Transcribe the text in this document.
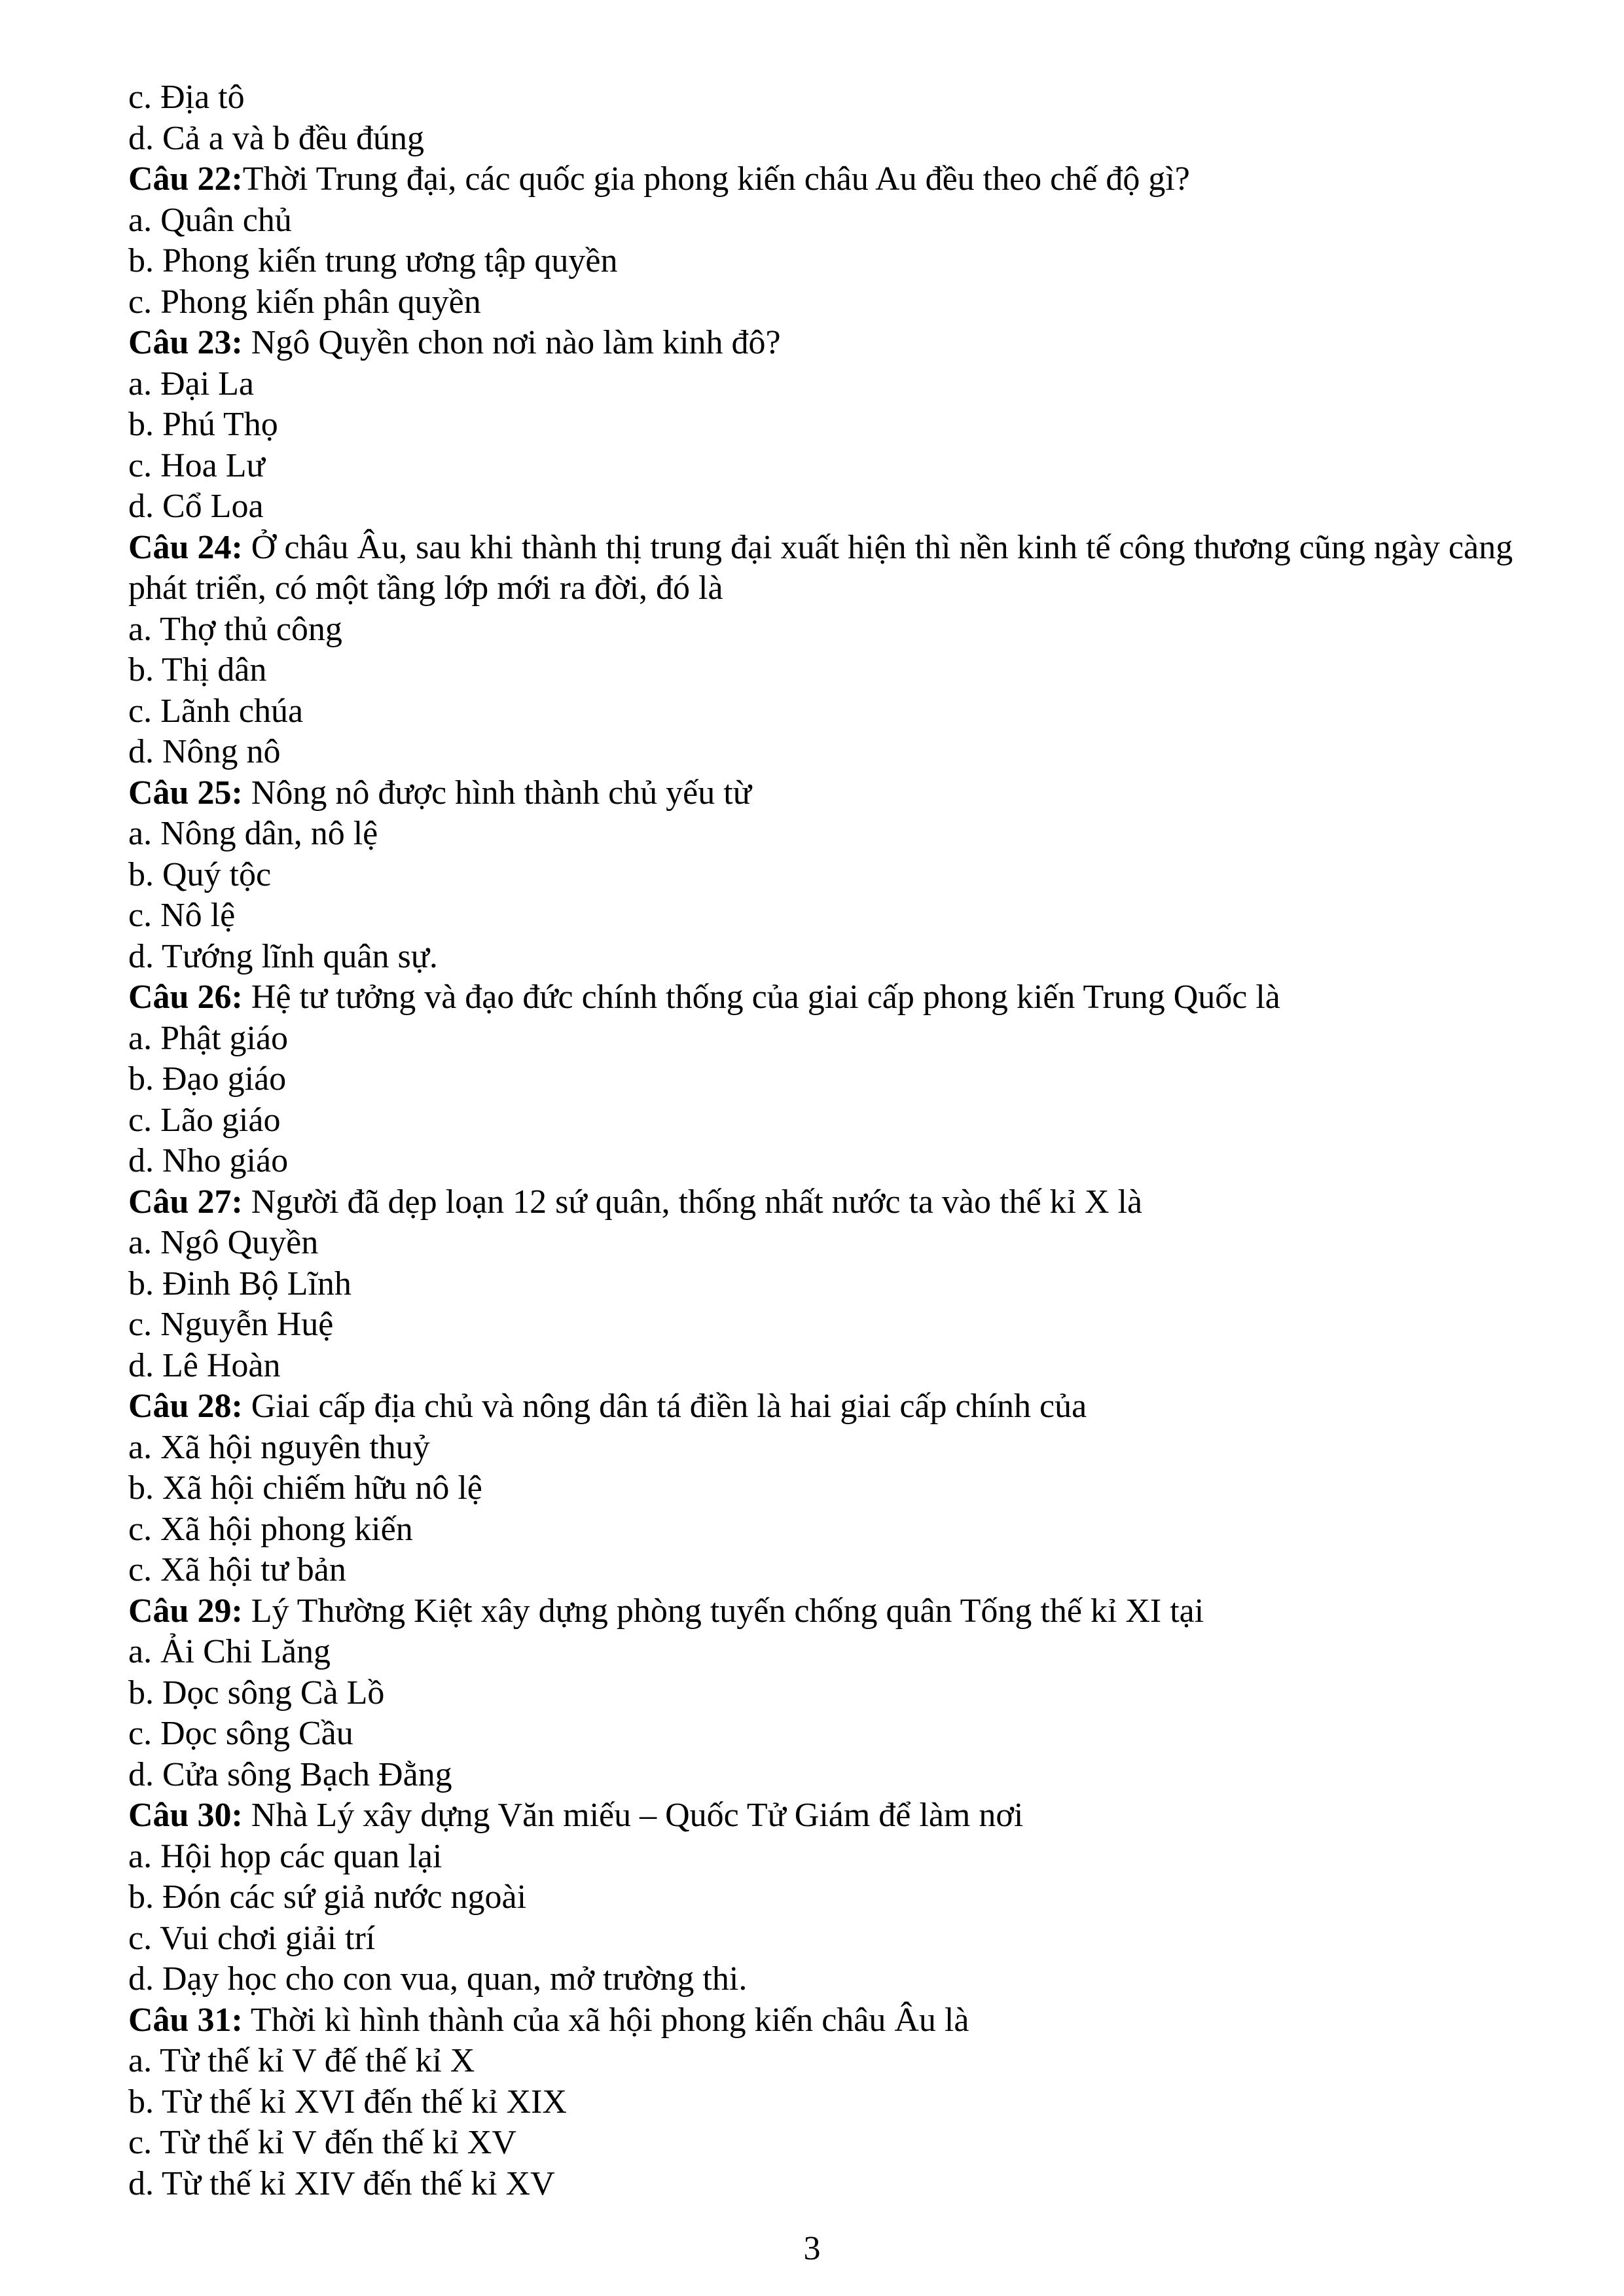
c. Địa tô
d. Cả a và b đều đúng
Câu 22:Thời Trung đại, các quốc gia phong kiến châu Au đều theo chế độ gì?
a. Quân chủ
b. Phong kiến trung ương tập quyền
c. Phong kiến phân quyền
Câu 23: Ngô Quyền chon nơi nào làm kinh đô?
a. Đại La
b. Phú Thọ
c. Hoa Lư
d. Cổ Loa
Câu 24: Ở châu Âu, sau khi thành thị trung đại xuất hiện thì nền kinh tế công thương cũng ngày càng phát triển, có một tầng lớp mới ra đời, đó là
a. Thợ thủ công
b. Thị dân
c. Lãnh chúa
d. Nông nô
Câu 25: Nông nô được hình thành chủ yếu từ
a. Nông dân, nô lệ
b. Quý tộc
c. Nô lệ
d. Tướng lĩnh quân sự.
Câu 26: Hệ tư tưởng và đạo đức chính thống của giai cấp phong kiến Trung Quốc là
a. Phật giáo
b. Đạo giáo
c. Lão giáo
d. Nho giáo
Câu 27: Người đã dẹp loạn 12 sứ quân, thống nhất nước ta vào thế kỉ X là
a. Ngô Quyền
b. Đinh Bộ Lĩnh
c. Nguyễn Huệ
d. Lê Hoàn
Câu 28: Giai cấp địa chủ và nông dân tá điền là hai giai cấp chính của
a. Xã hội nguyên thuỷ
b. Xã hội chiếm hữu nô lệ
c. Xã hội phong kiến
c. Xã hội tư bản
Câu 29: Lý Thường Kiệt xây dựng phòng tuyến chống quân Tống thế kỉ XI tại
a. Ải Chi Lăng
b. Dọc sông Cà Lồ
c. Dọc sông Cầu
d. Cửa sông Bạch Đằng
Câu 30: Nhà Lý xây dựng Văn miếu – Quốc Tử Giám để làm nơi
a. Hội họp các quan lại
b. Đón các sứ giả nước ngoài
c. Vui chơi giải trí
d. Dạy học cho con vua, quan, mở trường thi.
Câu 31: Thời kì hình thành của xã hội phong kiến châu Âu là
a. Từ thế kỉ V đế thế kỉ X
b. Từ thế kỉ XVI đến thế kỉ XIX
c. Từ thế kỉ V đến thế kỉ XV
d. Từ thế kỉ XIV đến thế kỉ XV
3
